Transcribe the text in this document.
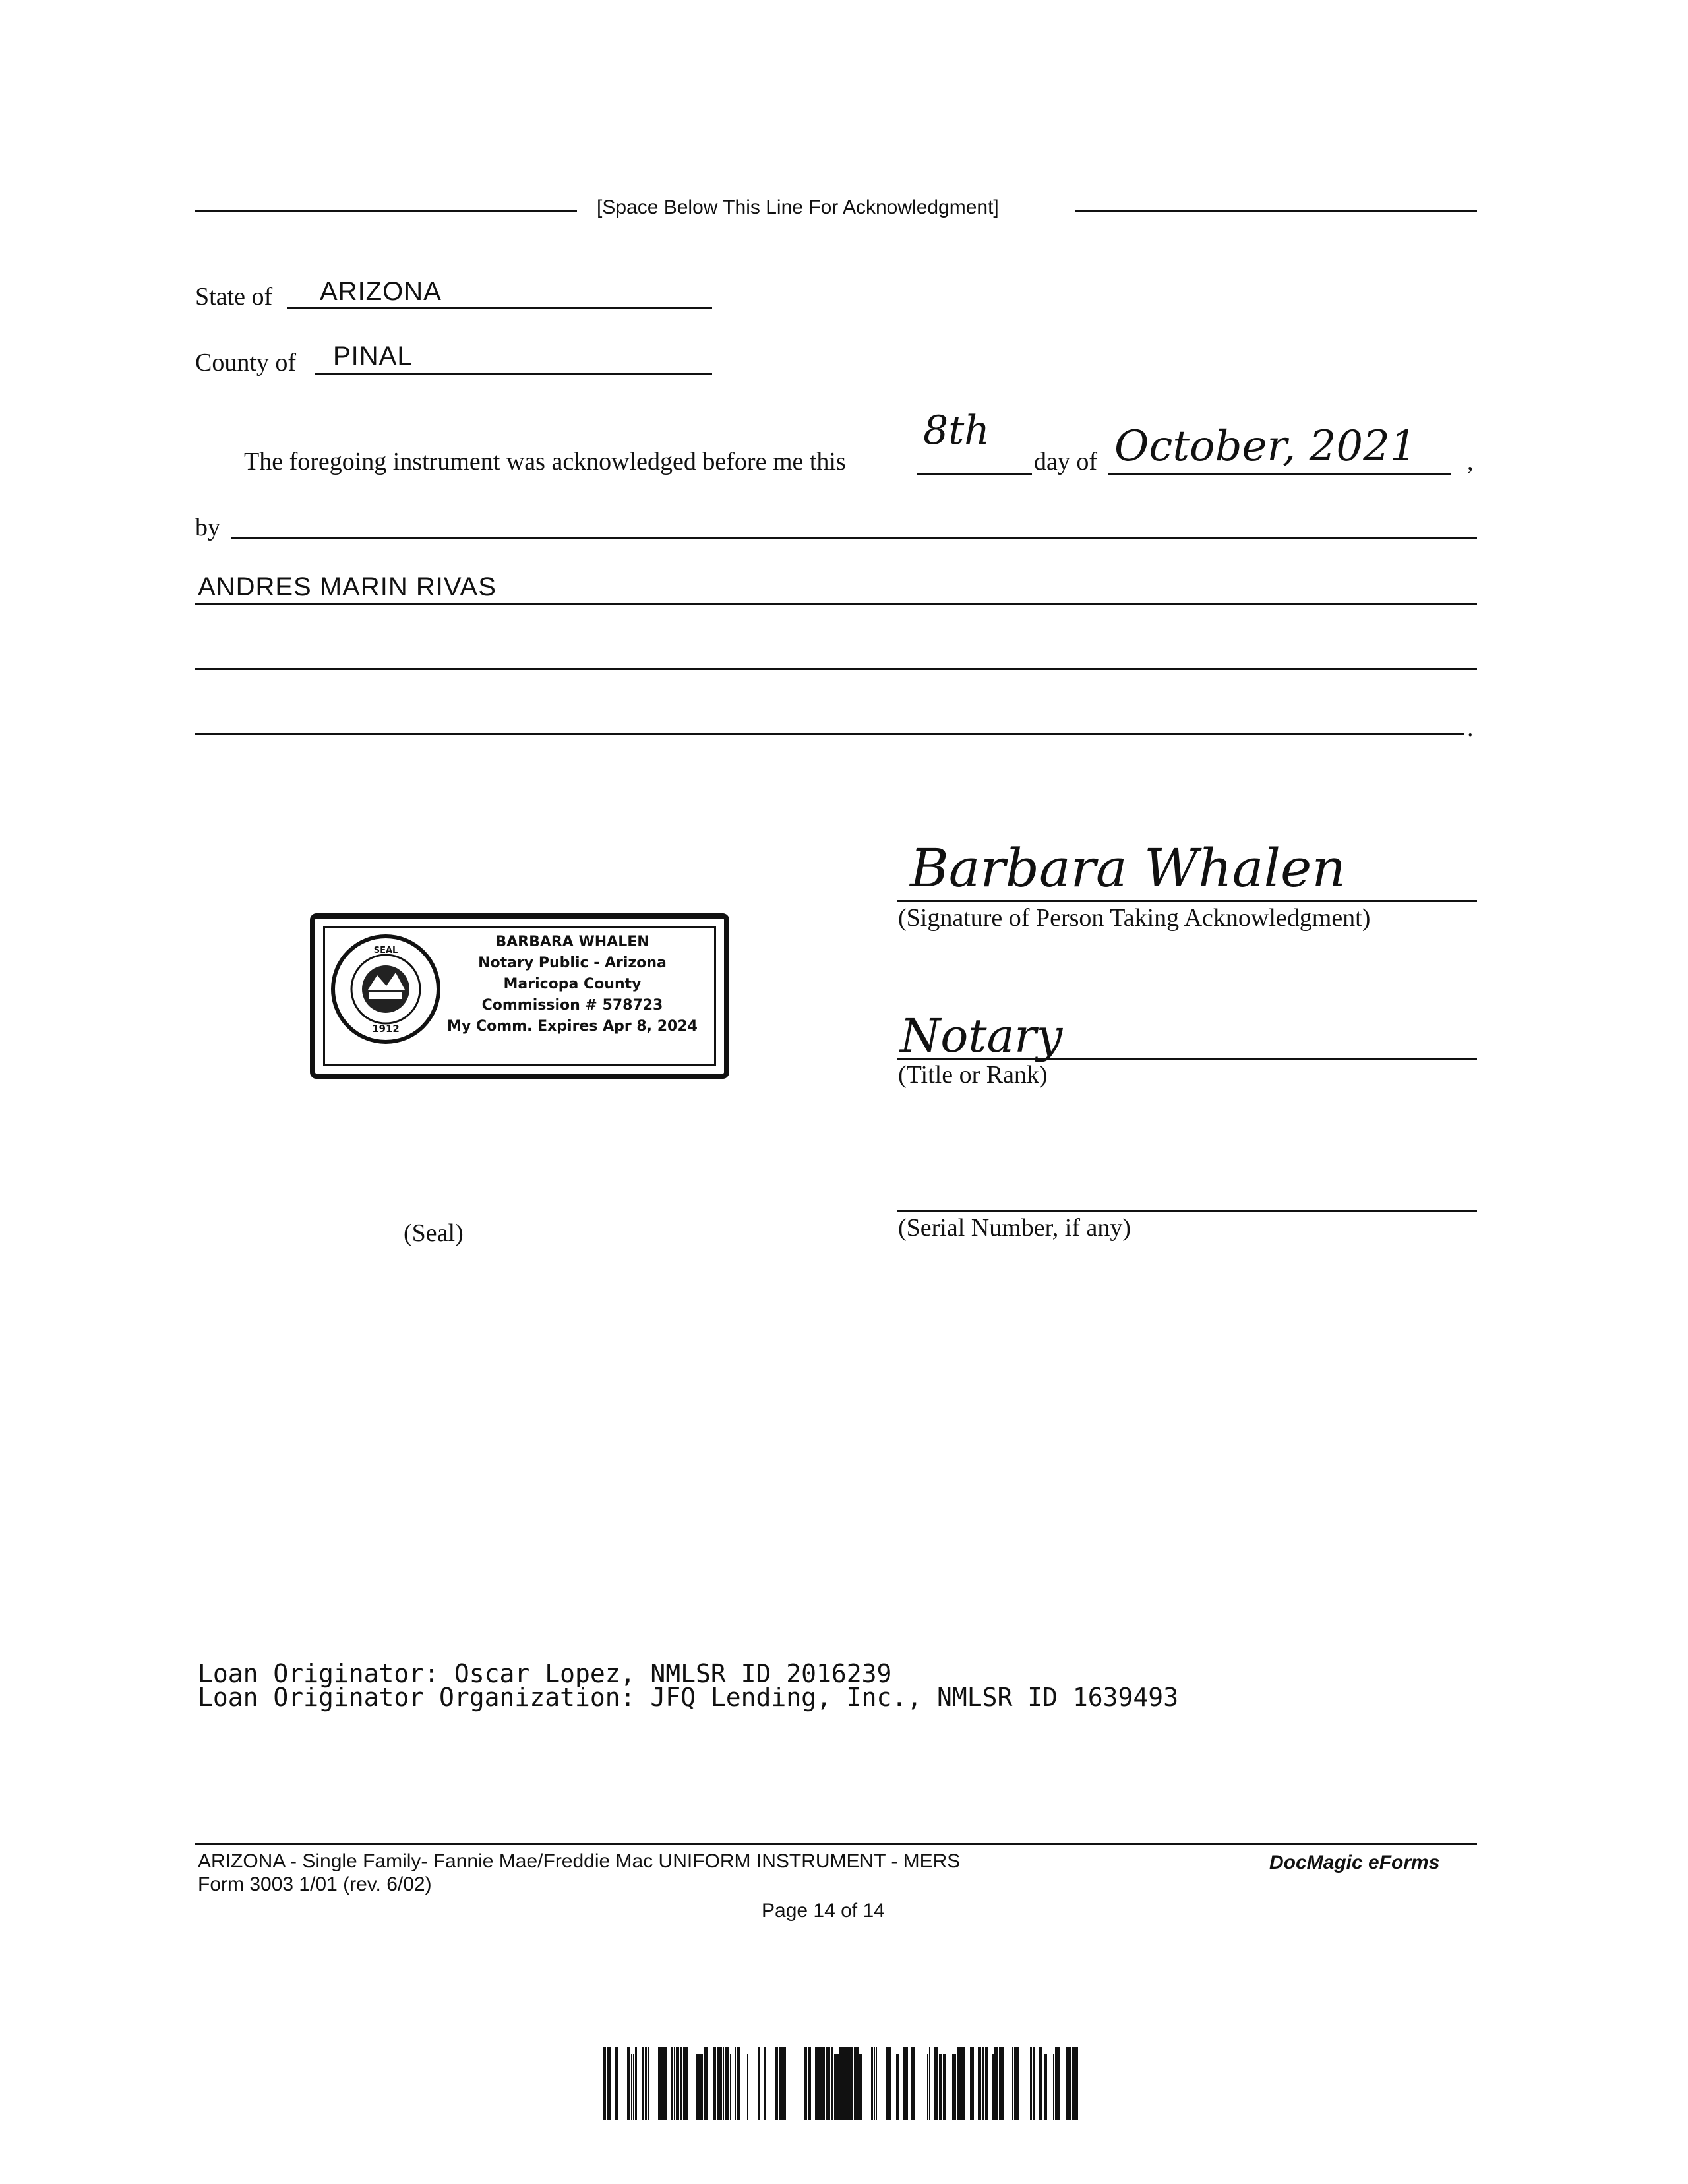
[Space Below This Line For Acknowledgment]
State of ARIZONA
County of PINAL
The foregoing instrument was acknowledged before me this
8th
day of October, 2021 ,
by
ANDRES MARIN RIVAS
.
SEAL
1912
BARBARA WHALEN
Notary Public - Arizona
Maricopa County
Commission # 578723
My Comm. Expires Apr 8, 2024
Barbara Whalen
(Signature of Person Taking Acknowledgment)
Notary
(Title or Rank)
(Serial Number, if any)
(Seal)
Loan Originator: Oscar Lopez, NMLSR ID 2016239
Loan Originator Organization: JFQ Lending, Inc., NMLSR ID 1639493
ARIZONA - Single Family- Fannie Mae/Freddie Mac UNIFORM INSTRUMENT - MERS
Form 3003 1/01 (rev. 6/02)
DocMagic eForms
Page 14 of 14
